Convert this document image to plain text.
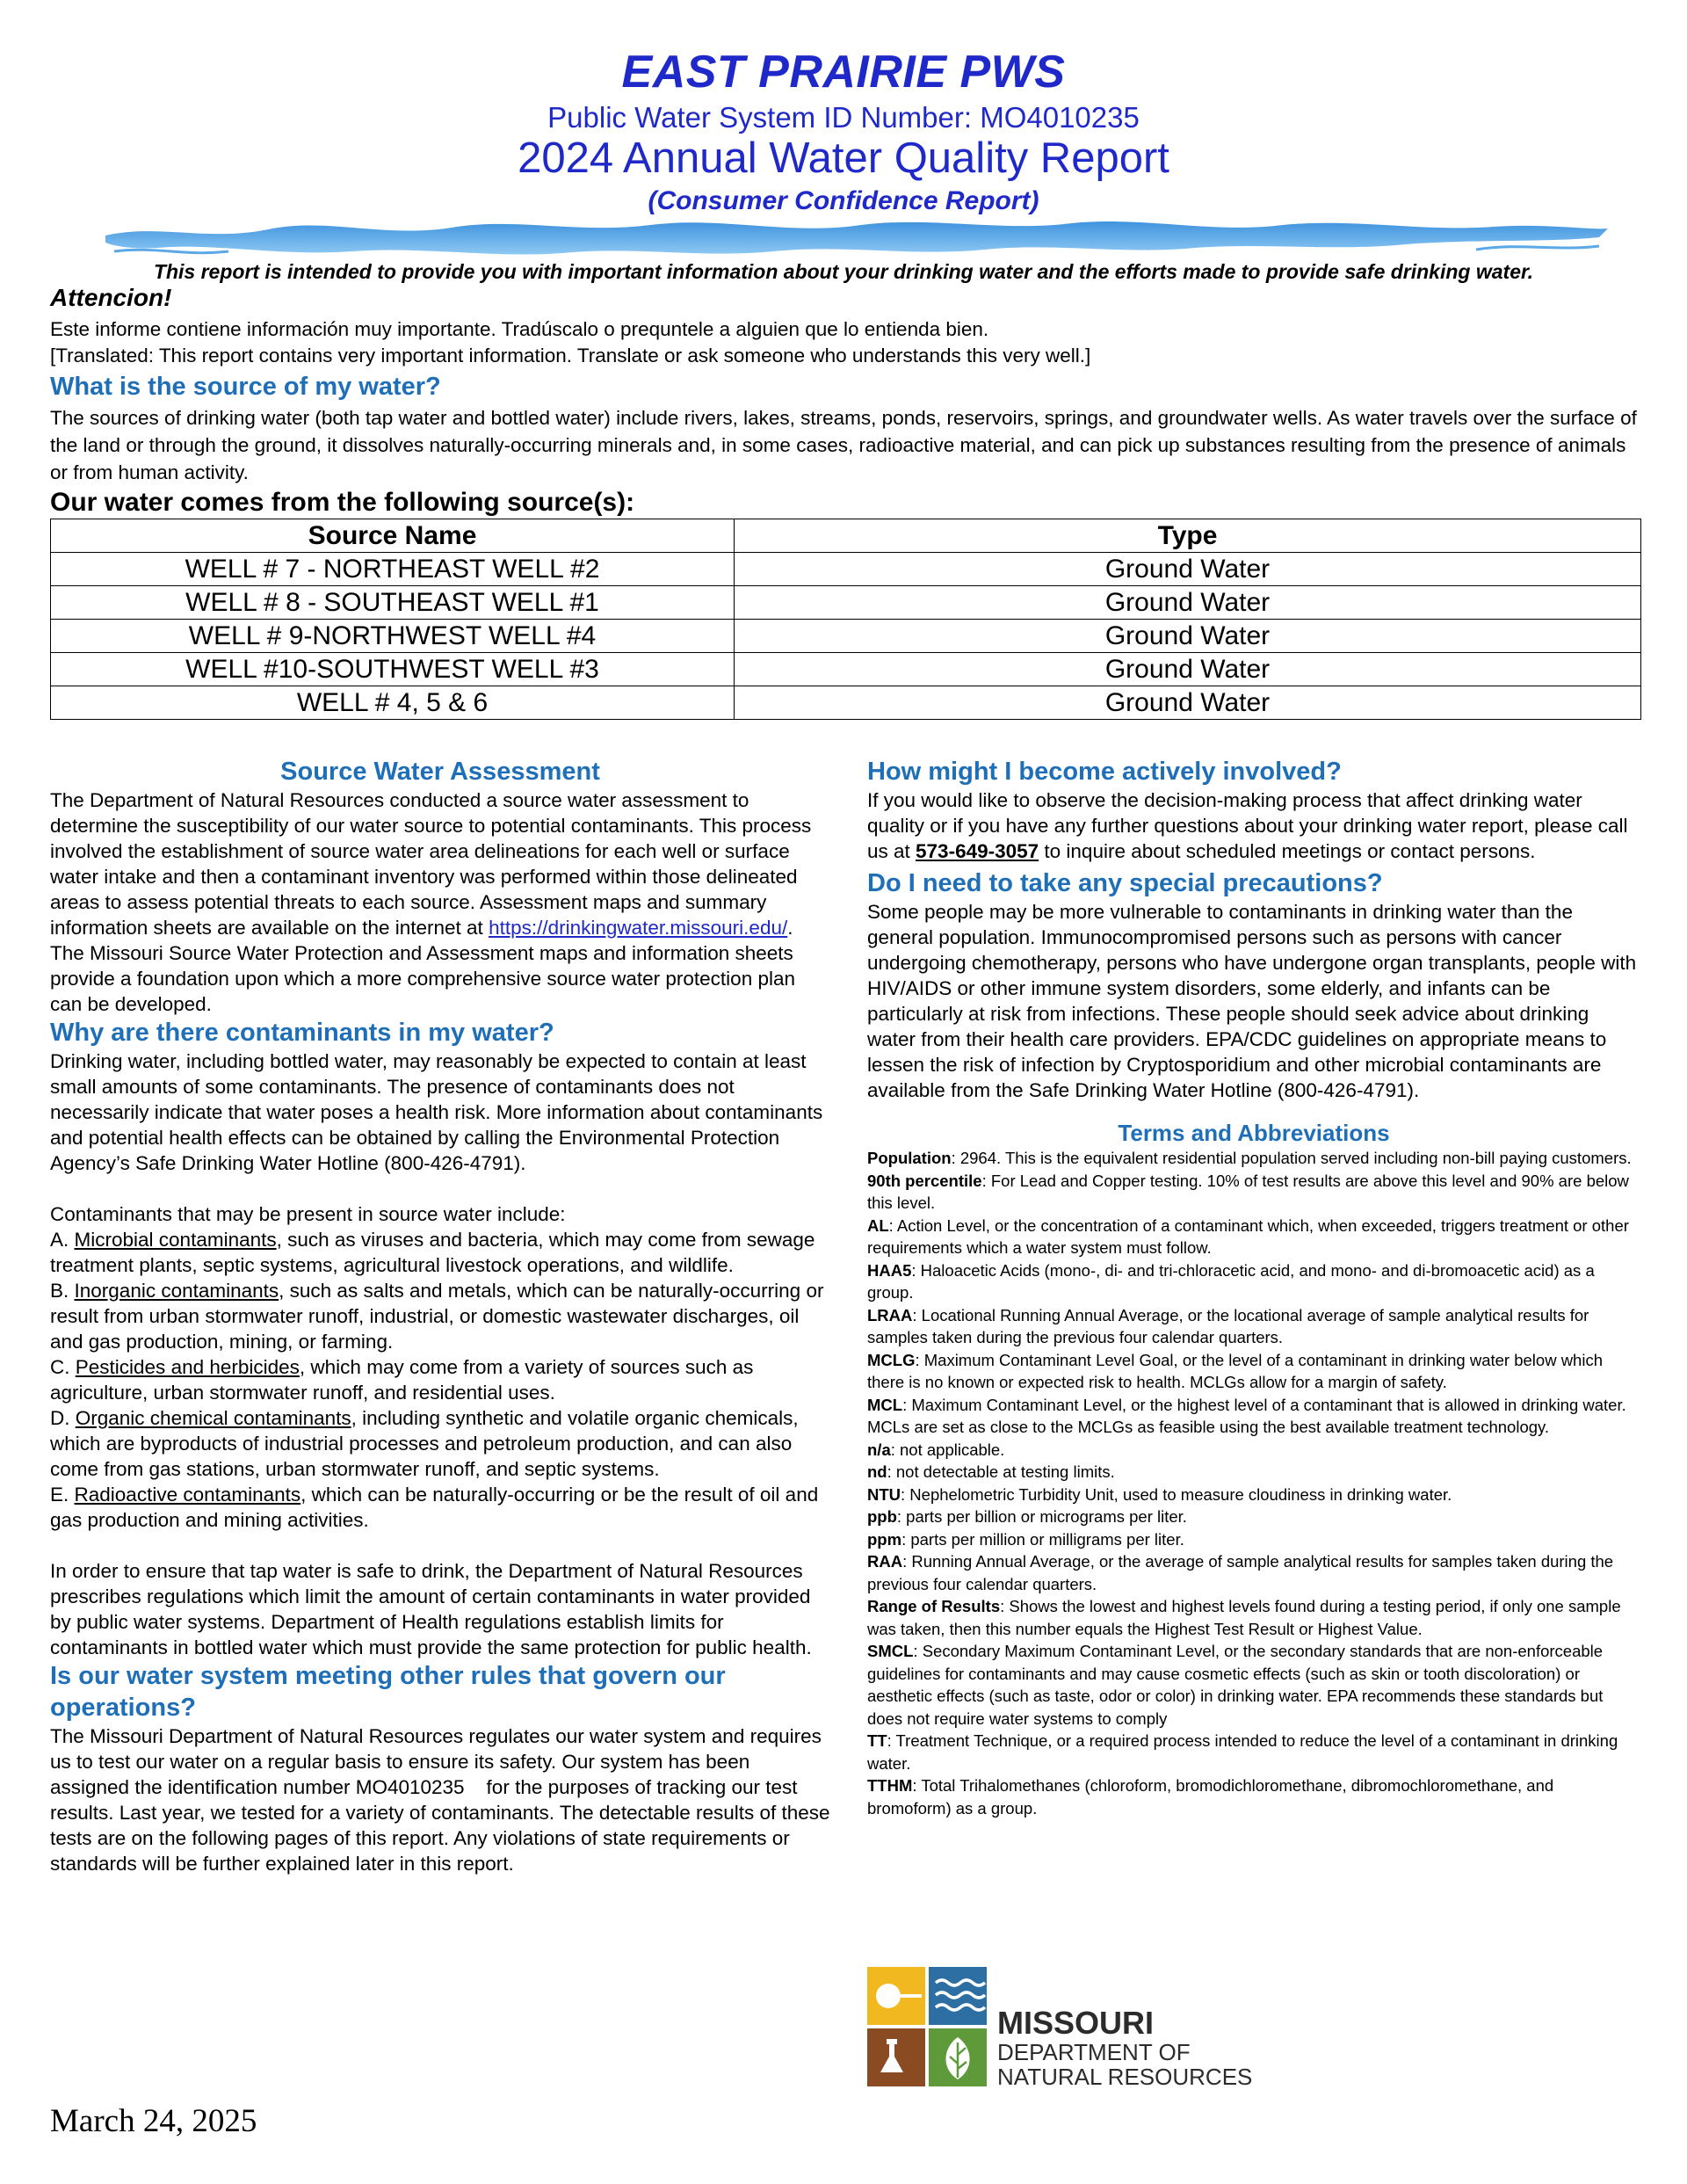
EAST PRAIRIE PWS
Public Water System ID Number: MO4010235
2024 Annual Water Quality Report
(Consumer Confidence Report)
This report is intended to provide you with important information about your drinking water and the efforts made to provide safe drinking water.
Attencion!
Este informe contiene información muy importante. Tradúscalo o prequntele a alguien que lo entienda bien.
[Translated: This report contains very important information. Translate or ask someone who understands this very well.]
What is the source of my water?
The sources of drinking water (both tap water and bottled water) include rivers, lakes, streams, ponds, reservoirs, springs, and groundwater wells. As water travels over the surface of the land or through the ground, it dissolves naturally-occurring minerals and, in some cases, radioactive material, and can pick up substances resulting from the presence of animals or from human activity.
Our water comes from the following source(s):
Source Name	Type
WELL # 7 - NORTHEAST WELL #2	Ground Water
WELL # 8 - SOUTHEAST WELL #1	Ground Water
WELL # 9-NORTHWEST WELL #4	Ground Water
WELL #10-SOUTHWEST WELL #3	Ground Water
WELL # 4, 5 & 6	Ground Water
Source Water Assessment

The Department of Natural Resources conducted a source water assessment to determine the susceptibility of our water source to potential contaminants. This process involved the establishment of source water area delineations for each well or surface water intake and then a contaminant inventory was performed within those delineated areas to assess potential threats to each source. Assessment maps and summary information sheets are available on the internet at https://drinkingwater.missouri.edu/. The Missouri Source Water Protection and Assessment maps and information sheets provide a foundation upon which a more comprehensive source water protection plan can be developed.

Why are there contaminants in my water?

Drinking water, including bottled water, may reasonably be expected to contain at least small amounts of some contaminants. The presence of contaminants does not necessarily indicate that water poses a health risk. More information about contaminants and potential health effects can be obtained by calling the Environmental Protection Agency’s Safe Drinking Water Hotline (800-426-4791).

Contaminants that may be present in source water include:

A. Microbial contaminants, such as viruses and bacteria, which may come from sewage treatment plants, septic systems, agricultural livestock operations, and wildlife.

B. Inorganic contaminants, such as salts and metals, which can be naturally-occurring or result from urban stormwater runoff, industrial, or domestic wastewater discharges, oil and gas production, mining, or farming.

C. Pesticides and herbicides, which may come from a variety of sources such as agriculture, urban stormwater runoff, and residential uses.

D. Organic chemical contaminants, including synthetic and volatile organic chemicals, which are byproducts of industrial processes and petroleum production, and can also come from gas stations, urban stormwater runoff, and septic systems.

E. Radioactive contaminants, which can be naturally-occurring or be the result of oil and gas production and mining activities.

In order to ensure that tap water is safe to drink, the Department of Natural Resources prescribes regulations which limit the amount of certain contaminants in water provided by public water systems. Department of Health regulations establish limits for contaminants in bottled water which must provide the same protection for public health.

Is our water system meeting other rules that govern our operations?

The Missouri Department of Natural Resources regulates our water system and requires us to test our water on a regular basis to ensure its safety. Our system has been assigned the identification number MO4010235    for the purposes of tracking our test results. Last year, we tested for a variety of contaminants. The detectable results of these tests are on the following pages of this report. Any violations of state requirements or standards will be further explained later in this report.

How might I become actively involved?

If you would like to observe the decision-making process that affect drinking water quality or if you have any further questions about your drinking water report, please call us at 573-649-3057 to inquire about scheduled meetings or contact persons.

Do I need to take any special precautions?

Some people may be more vulnerable to contaminants in drinking water than the general population. Immunocompromised persons such as persons with cancer undergoing chemotherapy, persons who have undergone organ transplants, people with HIV/AIDS or other immune system disorders, some elderly, and infants can be particularly at risk from infections. These people should seek advice about drinking water from their health care providers. EPA/CDC guidelines on appropriate means to lessen the risk of infection by Cryptosporidium and other microbial contaminants are available from the Safe Drinking Water Hotline (800-426-4791).

Terms and Abbreviations

Population: 2964. This is the equivalent residential population served including non-bill paying customers.

90th percentile: For Lead and Copper testing. 10% of test results are above this level and 90% are below this level.

AL: Action Level, or the concentration of a contaminant which, when exceeded, triggers treatment or other requirements which a water system must follow.

HAA5: Haloacetic Acids (mono-, di- and tri-chloracetic acid, and mono- and di-bromoacetic acid) as a group.

LRAA: Locational Running Annual Average, or the locational average of sample analytical results for samples taken during the previous four calendar quarters.

MCLG: Maximum Contaminant Level Goal, or the level of a contaminant in drinking water below which there is no known or expected risk to health. MCLGs allow for a margin of safety.

MCL: Maximum Contaminant Level, or the highest level of a contaminant that is allowed in drinking water. MCLs are set as close to the MCLGs as feasible using the best available treatment technology.

n/a: not applicable.

nd: not detectable at testing limits.

NTU: Nephelometric Turbidity Unit, used to measure cloudiness in drinking water.

ppb: parts per billion or micrograms per liter.

ppm: parts per million or milligrams per liter.

RAA: Running Annual Average, or the average of sample analytical results for samples taken during the previous four calendar quarters.

Range of Results: Shows the lowest and highest levels found during a testing period, if only one sample was taken, then this number equals the Highest Test Result or Highest Value.

SMCL: Secondary Maximum Contaminant Level, or the secondary standards that are non-enforceable guidelines for contaminants and may cause cosmetic effects (such as skin or tooth discoloration) or aesthetic effects (such as taste, odor or color) in drinking water. EPA recommends these standards but does not require water systems to comply

TT: Treatment Technique, or a required process intended to reduce the level of a contaminant in drinking water.

TTHM: Total Trihalomethanes (chloroform, bromodichloromethane, dibromochloromethane, and bromoform) as a group.

MISSOURI
DEPARTMENT OF
NATURAL RESOURCES
March 24, 2025
